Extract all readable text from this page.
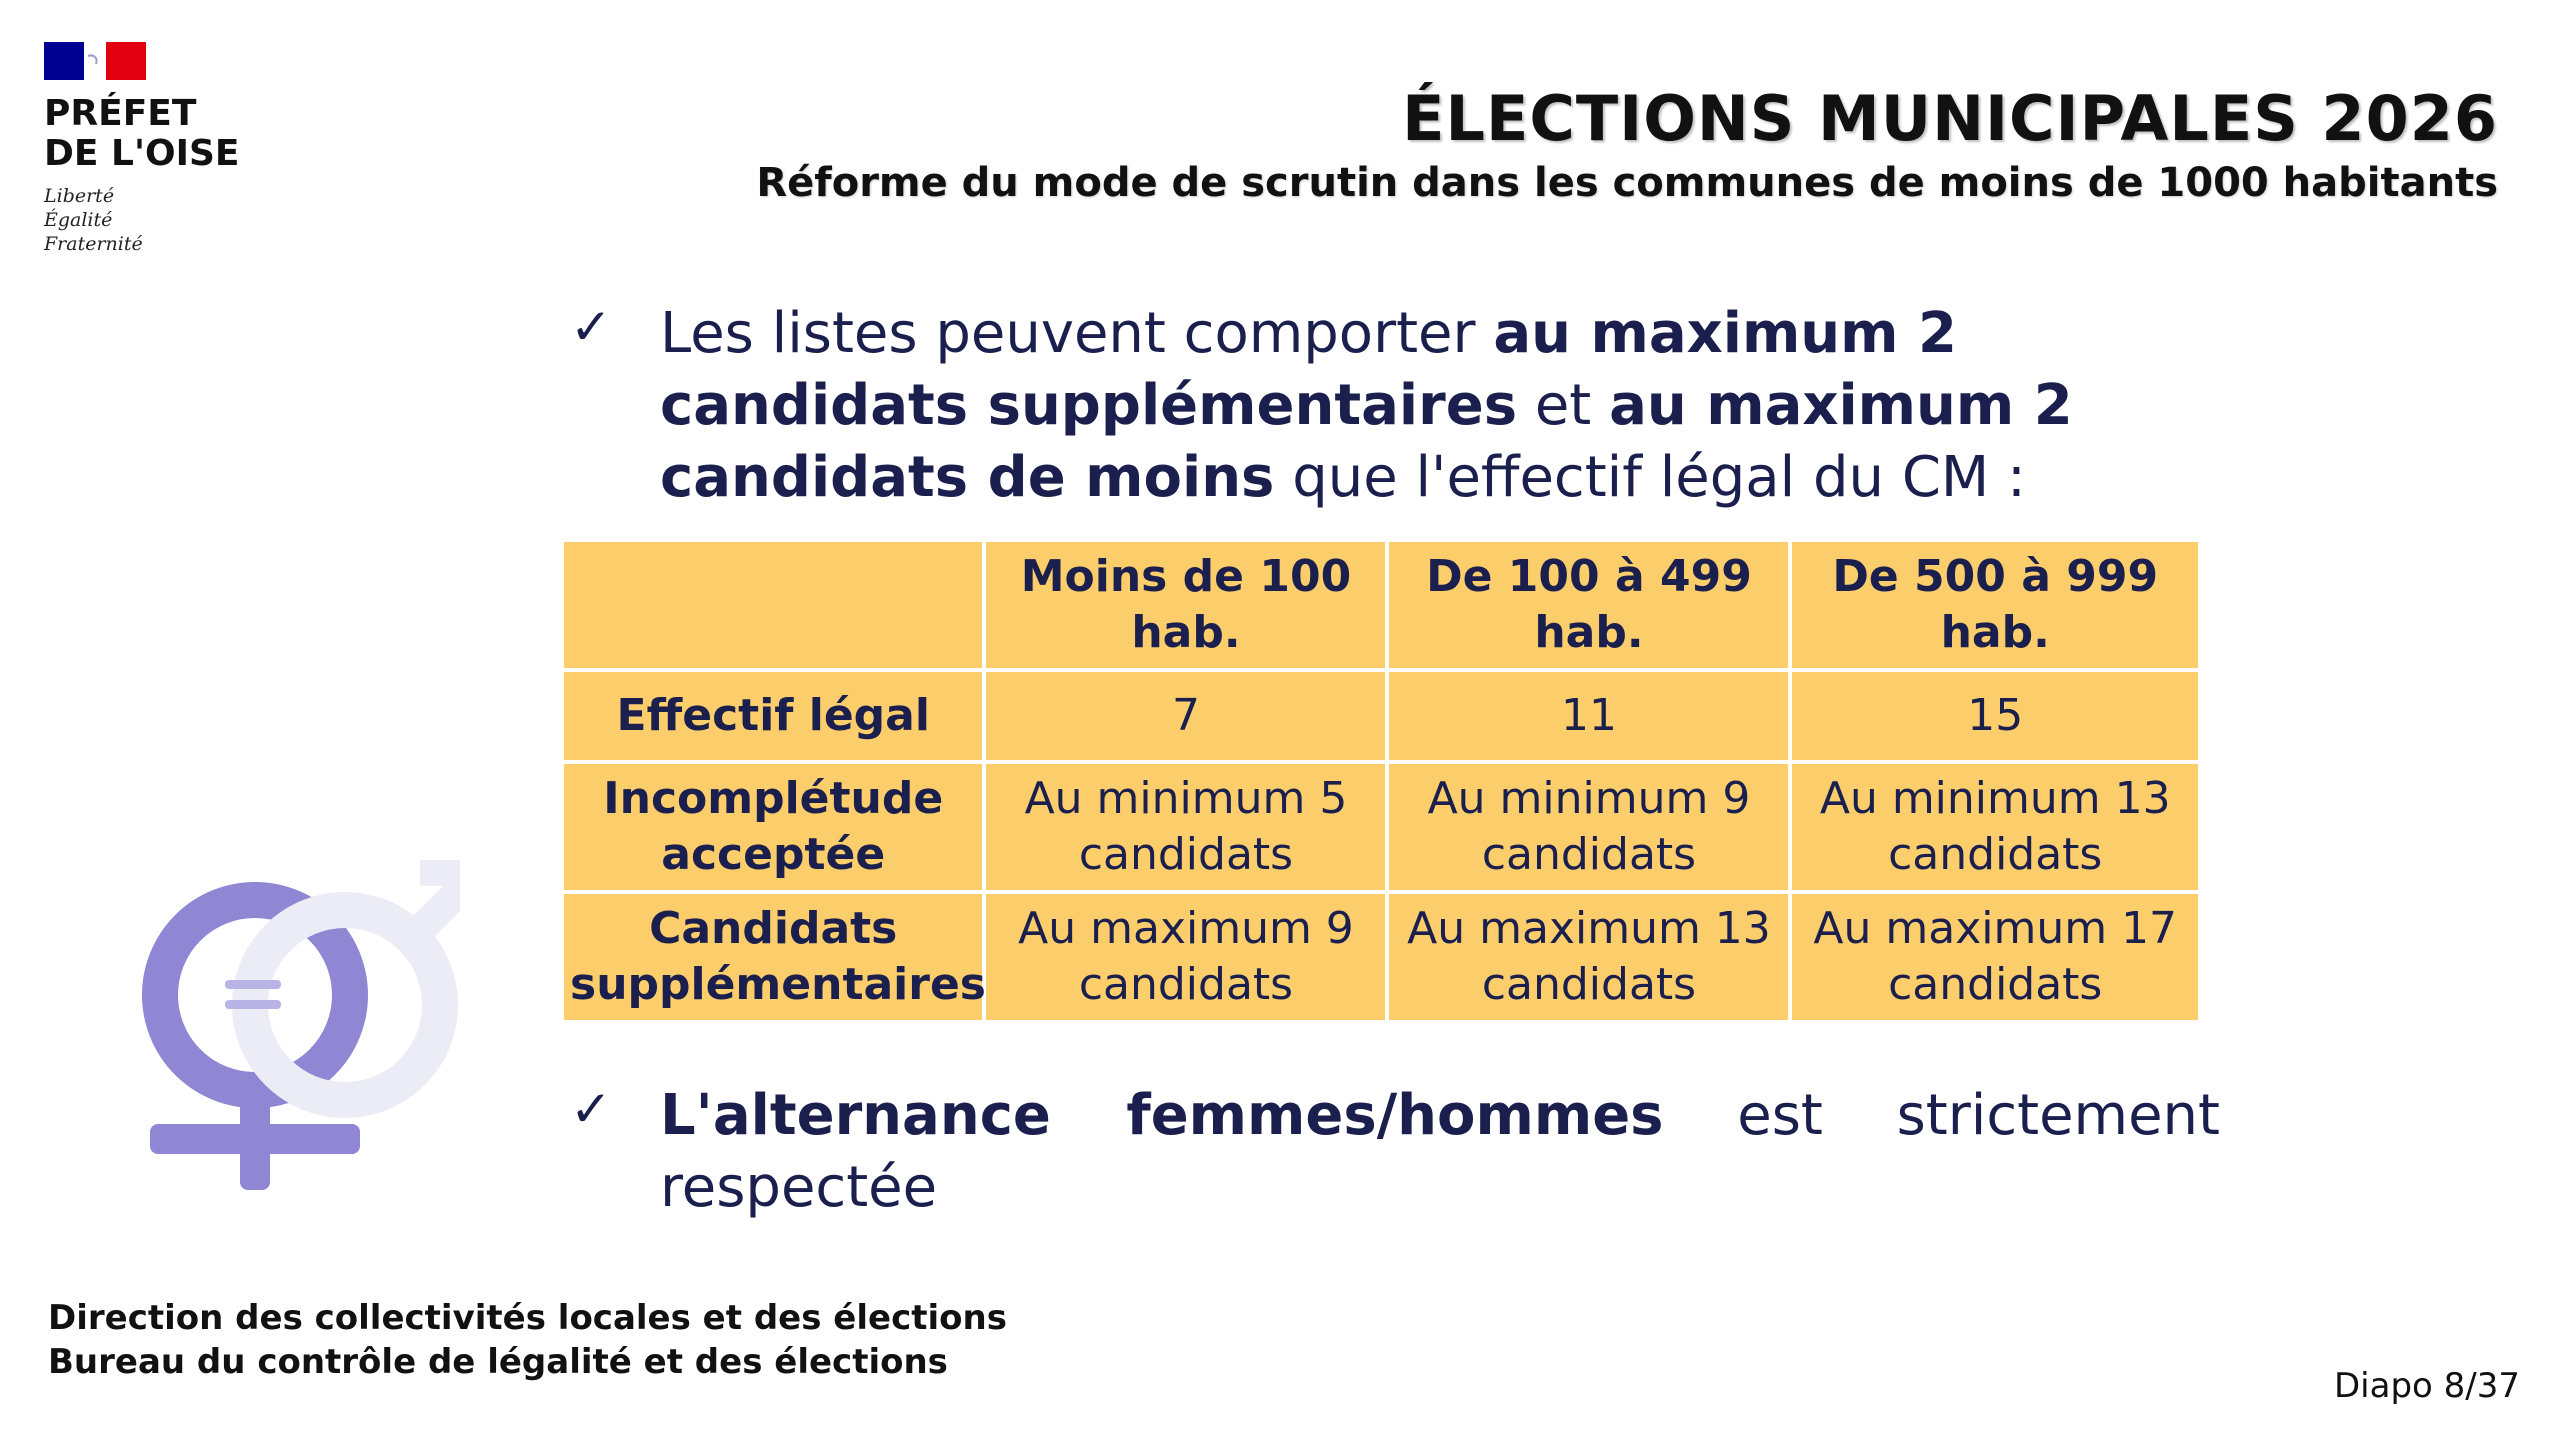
PRÉFET
DE L'OISE
Liberté
Égalité
Fraternité
ÉLECTIONS MUNICIPALES 2026
Réforme du mode de scrutin dans les communes de moins de 1000 habitants
✓ Les listes peuvent comporter au maximum 2 candidats supplémentaires et au maximum 2 candidats de moins que l'effectif légal du CM :
	Moins de 100 hab.	De 100 à 499 hab.	De 500 à 999 hab.
Effectif légal	7	11	15
Incomplétude acceptée	Au minimum 5 candidats	Au minimum 9 candidats	Au minimum 13 candidats
Candidats supplémentaires	Au maximum 9 candidats	Au maximum 13 candidats	Au maximum 17 candidats
✓ L'alternance femmes/hommes est strictement respectée
Direction des collectivités locales et des élections
Bureau du contrôle de légalité et des élections
Diapo 8/37
